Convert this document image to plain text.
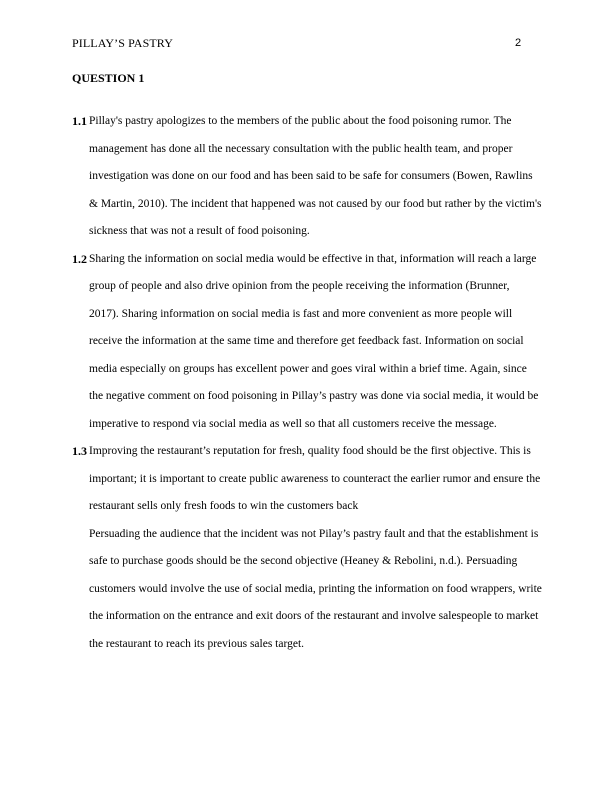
PILLAY’S PASTRY	2
QUESTION 1
1.1 Pillay's pastry apologizes to the members of the public about the food poisoning rumor. The management has done all the necessary consultation with the public health team, and proper investigation was done on our food and has been said to be safe for consumers (Bowen, Rawlins & Martin, 2010). The incident that happened was not caused by our food but rather by the victim's sickness that was not a result of food poisoning.

1.2 Sharing the information on social media would be effective in that, information will reach a large group of people and also drive opinion from the people receiving the information (Brunner, 2017). Sharing information on social media is fast and more convenient as more people will receive the information at the same time and therefore get feedback fast. Information on social media especially on groups has excellent power and goes viral within a brief time. Again, since the negative comment on food poisoning in Pillay’s pastry was done via social media, it would be imperative to respond via social media as well so that all customers receive the message.

1.3 Improving the restaurant’s reputation for fresh, quality food should be the first objective. This is important; it is important to create public awareness to counteract the earlier rumor and ensure the restaurant sells only fresh foods to win the customers back

Persuading the audience that the incident was not Pilay’s pastry fault and that the establishment is safe to purchase goods should be the second objective (Heaney & Rebolini, n.d.). Persuading customers would involve the use of social media, printing the information on food wrappers, write the information on the entrance and exit doors of the restaurant and involve salespeople to market the restaurant to reach its previous sales target.
